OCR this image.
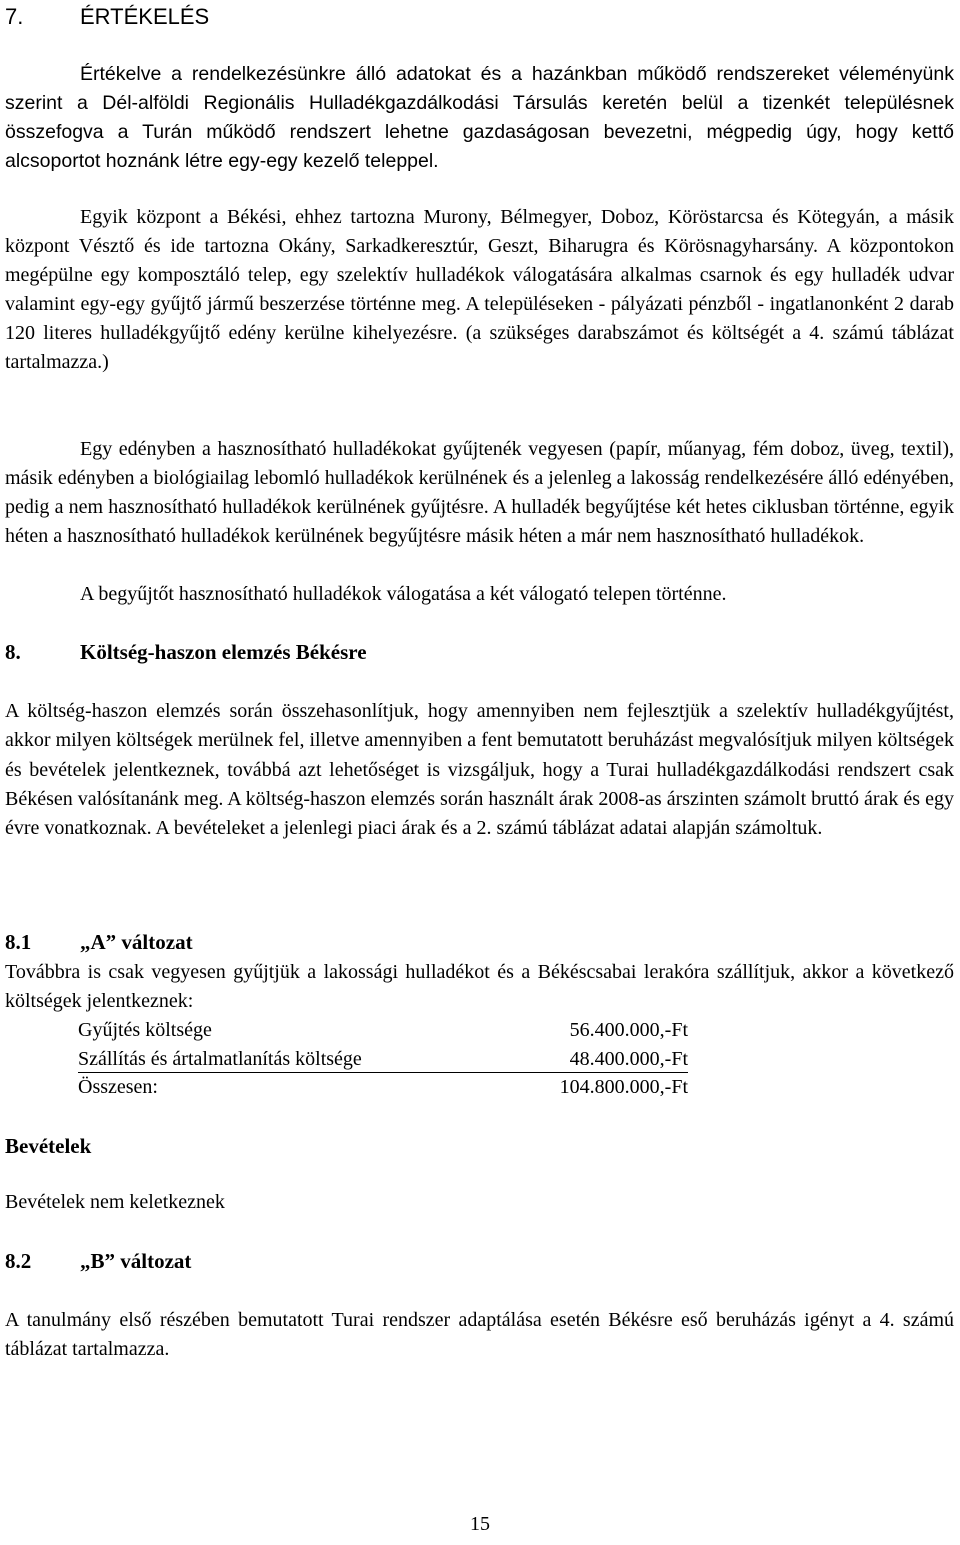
7.	ÉRTÉKELÉS

Értékelve a rendelkezésünkre álló adatokat és a hazánkban működő rendszereket véleményünk szerint a Dél-alföldi Regionális Hulladékgazdálkodási Társulás keretén belül a tizenkét településnek összefogva a Turán működő rendszert lehetne gazdaságosan bevezetni, mégpedig úgy, hogy kettő alcsoportot hoznánk létre egy-egy kezelő teleppel.

Egyik központ a Békési, ehhez tartozna Murony, Bélmegyer, Doboz, Köröstarcsa és Kötegyán, a másik központ Vésztő és ide tartozna Okány, Sarkadkeresztúr, Geszt, Biharugra és Körösnagyharsány. A központokon megépülne egy komposztáló telep, egy szelektív hulladékok válogatására alkalmas csarnok és egy hulladék udvar valamint egy-egy gyűjtő jármű beszerzése történne meg. A településeken - pályázati pénzből - ingatlanonként 2 darab 120 literes hulladékgyűjtő edény kerülne kihelyezésre. (a szükséges darabszámot és költségét a 4. számú táblázat tartalmazza.)

Egy edényben a hasznosítható hulladékokat gyűjtenék vegyesen (papír, műanyag, fém doboz, üveg, textil), másik edényben a biológiailag lebomló hulladékok kerülnének és a jelenleg a lakosság rendelkezésére álló edényében, pedig a nem hasznosítható hulladékok kerülnének gyűjtésre. A hulladék begyűjtése két hetes ciklusban történne, egyik héten a hasznosítható hulladékok kerülnének begyűjtésre másik héten a már nem hasznosítható hulladékok.

A begyűjtőt hasznosítható hulladékok válogatása a két válogató telepen történne.

8.	Költség-haszon elemzés Békésre

A költség-haszon elemzés során összehasonlítjuk, hogy amennyiben nem fejlesztjük a szelektív hulladékgyűjtést, akkor milyen költségek merülnek fel, illetve amennyiben a fent bemutatott beruházást megvalósítjuk milyen költségek és bevételek jelentkeznek, továbbá azt lehetőséget is vizsgáljuk, hogy a Turai hulladékgazdálkodási rendszert csak Békésen valósítanánk meg. A költség-haszon elemzés során használt árak 2008-as árszinten számolt bruttó árak és egy évre vonatkoznak. A bevételeket a jelenlegi piaci árak és a 2. számú táblázat adatai alapján számoltuk.

8.1 „A” változat

Továbbra is csak vegyesen gyűjtjük a lakossági hulladékot és a Békéscsabai lerakóra szállítjuk, akkor a következő költségek jelentkeznek:

Gyűjtés költsége	56.400.000,-Ft
Szállítás és ártalmatlanítás költsége	48.400.000,-Ft
Összesen:	104.800.000,-Ft
Bevételek

Bevételek nem keletkeznek

8.2 „B” változat

A tanulmány első részében bemutatott Turai rendszer adaptálása esetén Békésre eső beruházás igényt a 4. számú táblázat tartalmazza.

15
